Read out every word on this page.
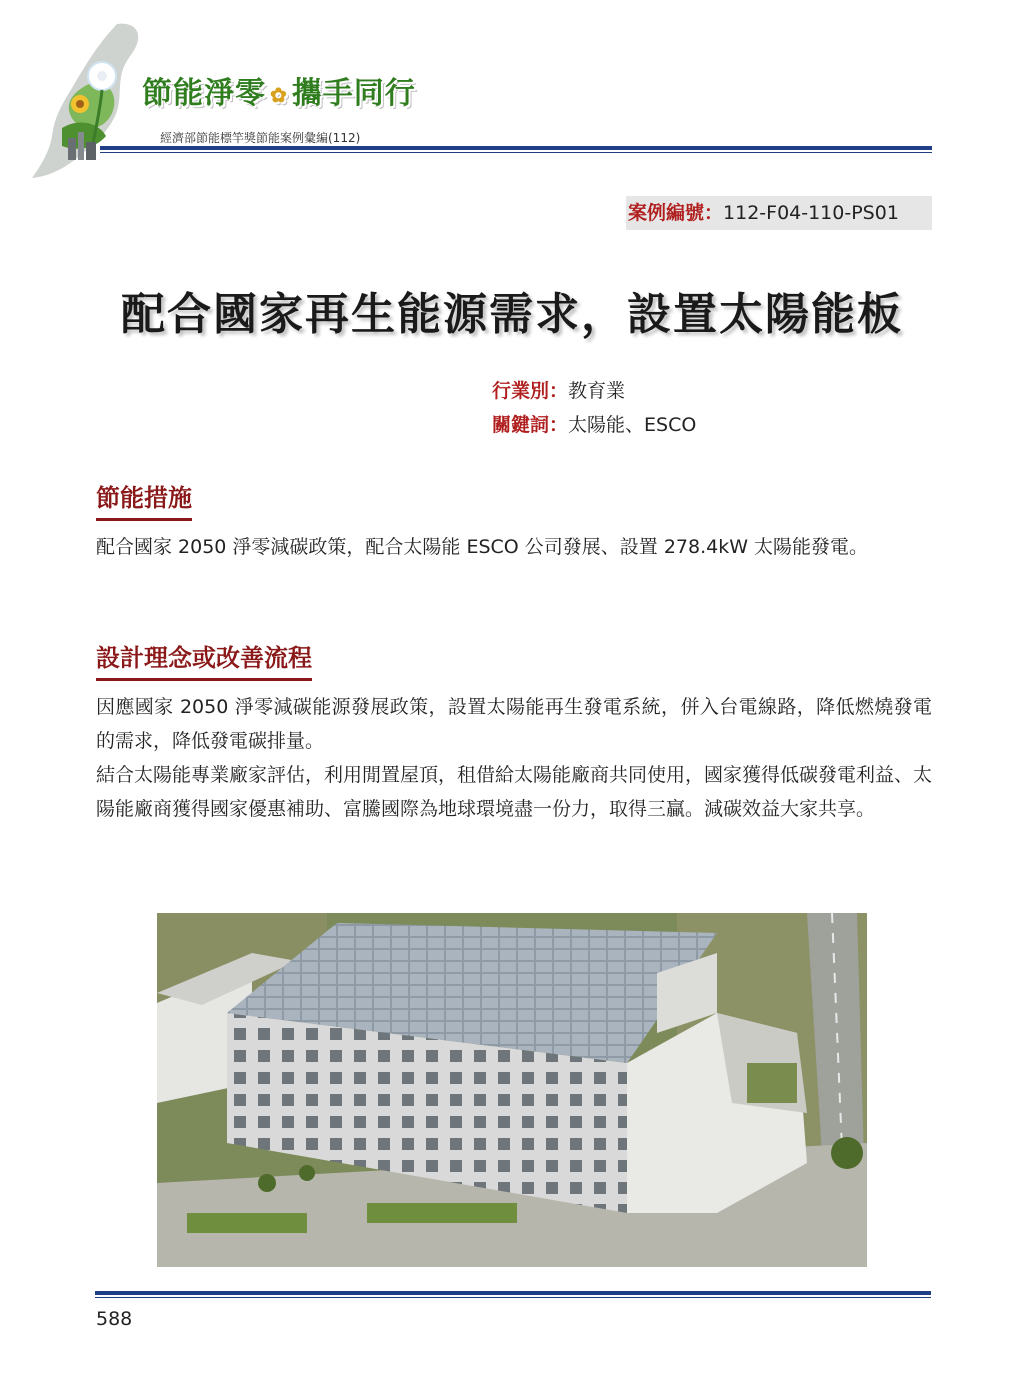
節能淨零 ✿ 攜手同行
經濟部節能標竿獎節能案例彙編(112)
案例編號：112-F04-110-PS01
配合國家再生能源需求，設置太陽能板
行業別：教育業
關鍵詞：太陽能、ESCO
節能措施
配合國家 2050 淨零減碳政策，配合太陽能 ESCO 公司發展、設置 278.4kW 太陽能發電。
設計理念或改善流程
因應國家 2050 淨零減碳能源發展政策，設置太陽能再生發電系統，併入台電線路，降低燃燒發電的需求，降低發電碳排量。
結合太陽能專業廠家評估，利用閒置屋頂，租借給太陽能廠商共同使用，國家獲得低碳發電利益、太陽能廠商獲得國家優惠補助、富騰國際為地球環境盡一份力，取得三贏。減碳效益大家共享。
588
